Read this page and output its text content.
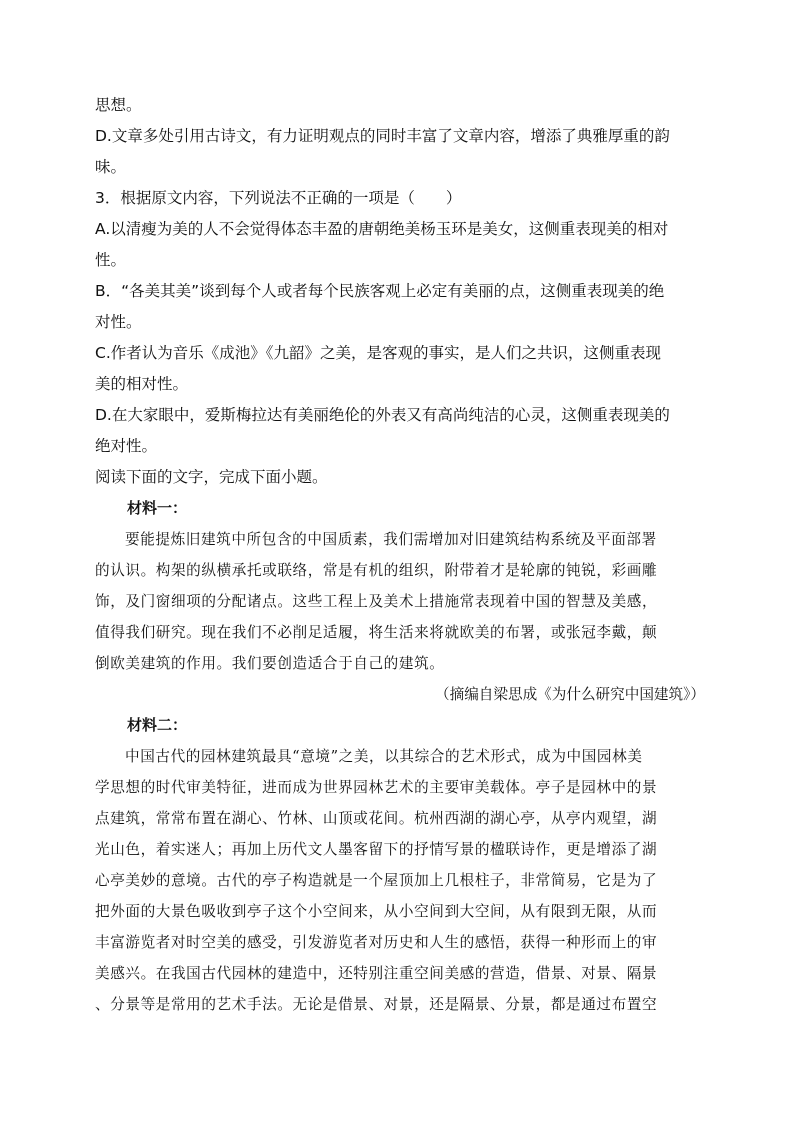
思想。

D.文章多处引用古诗文，有力证明观点的同时丰富了文章内容，增添了典雅厚重的韵

味。

3．根据原文内容，下列说法不正确的一项是（　　）

A.以清瘦为美的人不会觉得体态丰盈的唐朝绝美杨玉环是美女，这侧重表现美的相对

性。

B．“各美其美”谈到每个人或者每个民族客观上必定有美丽的点，这侧重表现美的绝

对性。

C.作者认为音乐《成池》《九韶》之美，是客观的事实，是人们之共识，这侧重表现

美的相对性。

D.在大家眼中，爱斯梅拉达有美丽绝伦的外表又有高尚纯洁的心灵，这侧重表现美的

绝对性。

阅读下面的文字，完成下面小题。

材料一：

要能提炼旧建筑中所包含的中国质素，我们需增加对旧建筑结构系统及平面部署

的认识。构架的纵横承托或联络，常是有机的组织，附带着才是轮廓的钝锐，彩画雕

饰，及门窗细项的分配诸点。这些工程上及美术上措施常表现着中国的智慧及美感，

值得我们研究。现在我们不必削足适履，将生活来将就欧美的布署，或张冠李戴，颠

倒欧美建筑的作用。我们要创造适合于自己的建筑。

（摘编自梁思成《为什么研究中国建筑》）

材料二：

中国古代的园林建筑最具“意境”之美，以其综合的艺术形式，成为中国园林美

学思想的时代审美特征，进而成为世界园林艺术的主要审美载体。亭子是园林中的景

点建筑，常常布置在湖心、竹林、山顶或花间。杭州西湖的湖心亭，从亭内观望，湖

光山色，着实迷人；再加上历代文人墨客留下的抒情写景的楹联诗作，更是增添了湖

心亭美妙的意境。古代的亭子构造就是一个屋顶加上几根柱子，非常简易，它是为了

把外面的大景色吸收到亭子这个小空间来，从小空间到大空间，从有限到无限，从而

丰富游览者对时空美的感受，引发游览者对历史和人生的感悟，获得一种形而上的审

美感兴。在我国古代园林的建造中，还特别注重空间美感的营造，借景、对景、隔景

、分景等是常用的艺术手法。无论是借景、对景，还是隔景、分景，都是通过布置空
